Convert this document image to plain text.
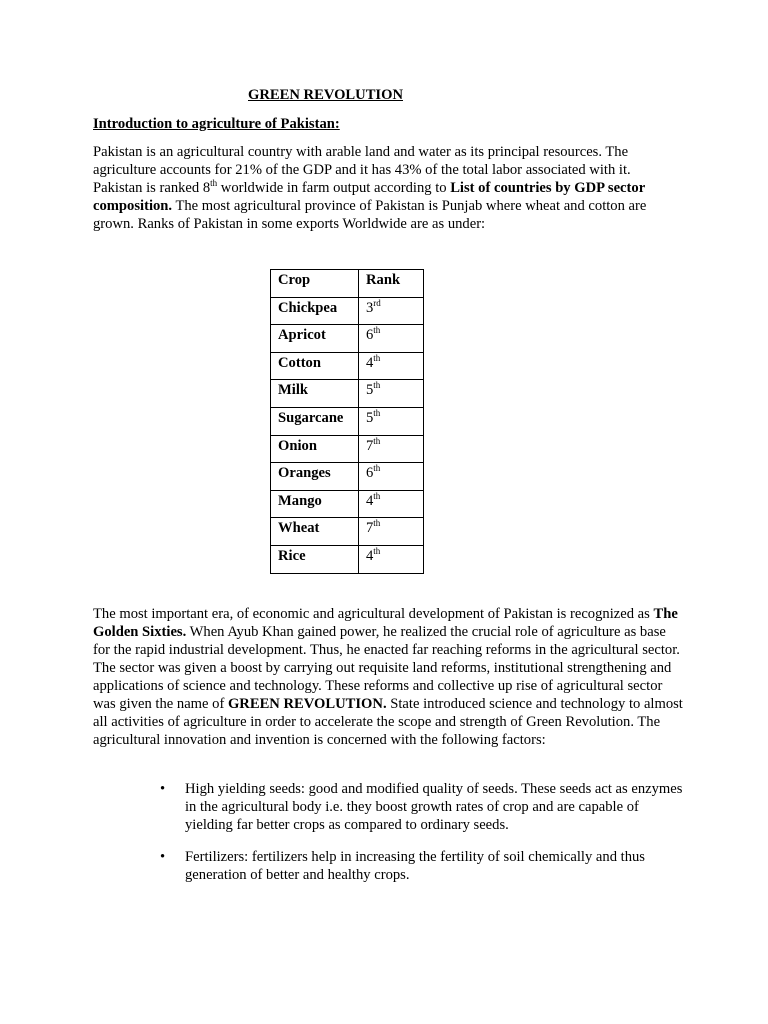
GREEN REVOLUTION
Introduction to agriculture of Pakistan:

Pakistan is an agricultural country with arable land and water as its principal resources. The agriculture accounts for 21% of the GDP and it has 43% of the total labor associated with it. Pakistan is ranked 8th worldwide in farm output according to List of countries by GDP sector composition. The most agricultural province of Pakistan is Punjab where wheat and cotton are grown. Ranks of Pakistan in some exports Worldwide are as under:

Crop	Rank
Chickpea	3rd
Apricot	6th
Cotton	4th
Milk	5th
Sugarcane	5th
Onion	7th
Oranges	6th
Mango	4th
Wheat	7th
Rice	4th

The most important era, of economic and agricultural development of Pakistan is recognized as The Golden Sixties. When Ayub Khan gained power, he realized the crucial role of agriculture as base for the rapid industrial development. Thus, he enacted far reaching reforms in the agricultural sector. The sector was given a boost by carrying out requisite land reforms, institutional strengthening and applications of science and technology. These reforms and collective up rise of agricultural sector was given the name of GREEN REVOLUTION. State introduced science and technology to almost all activities of agriculture in order to accelerate the scope and strength of Green Revolution. The agricultural innovation and invention is concerned with the following factors:

• High yielding seeds: good and modified quality of seeds. These seeds act as enzymes in the agricultural body i.e. they boost growth rates of crop and are capable of yielding far better crops as compared to ordinary seeds.
• Fertilizers: fertilizers help in increasing the fertility of soil chemically and thus generation of better and healthy crops.
